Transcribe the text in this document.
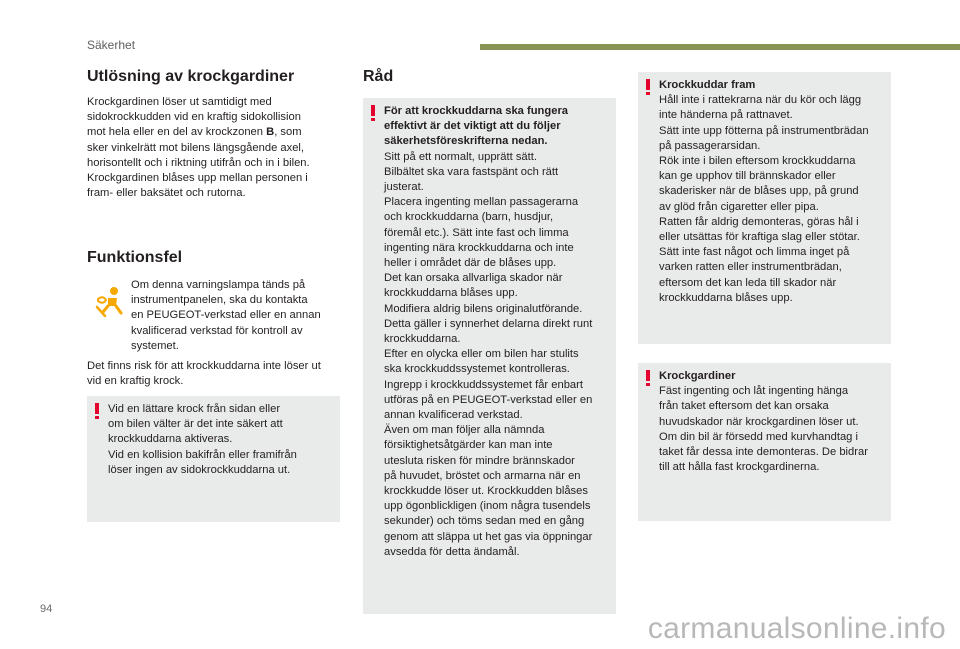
Säkerhet
Utlösning av krockgardiner

Krockgardinen löser ut samtidigt med

sidokrockkudden vid en kraftig sidokollision

mot hela eller en del av krockzonen B, som

sker vinkelrätt mot bilens längsgående axel,

horisontellt och i riktning utifrån och in i bilen.

Krockgardinen blåses upp mellan personen i

fram- eller baksätet och rutorna.

Funktionsfel

Om denna varningslampa tänds på

instrumentpanelen, ska du kontakta

en PEUGEOT-verkstad eller en annan

kvalificerad verkstad för kontroll av

systemet.

Det finns risk för att krockkuddarna inte löser ut

vid en kraftig krock.

Vid en lättare krock från sidan eller

om bilen välter är det inte säkert att

krockkuddarna aktiveras.

Vid en kollision bakifrån eller framifrån

löser ingen av sidokrockkuddarna ut.

Råd

För att krockkuddarna ska fungera

effektivt är det viktigt att du följer

säkerhetsföreskrifterna nedan.

Sitt på ett normalt, upprätt sätt.

Bilbältet ska vara fastspänt och rätt

justerat.

Placera ingenting mellan passagerarna

och krockkuddarna (barn, husdjur,

föremål etc.). Sätt inte fast och limma

ingenting nära krockkuddarna och inte

heller i området där de blåses upp.

Det kan orsaka allvarliga skador när

krockkuddarna blåses upp.

Modifiera aldrig bilens originalutförande.

Detta gäller i synnerhet delarna direkt runt

krockkuddarna.

Efter en olycka eller om bilen har stulits

ska krockkuddssystemet kontrolleras.

Ingrepp i krockkuddssystemet får enbart

utföras på en PEUGEOT-verkstad eller en

annan kvalificerad verkstad.

Även om man följer alla nämnda

försiktighetsåtgärder kan man inte

utesluta risken för mindre brännskador

på huvudet, bröstet och armarna när en

krockkudde löser ut. Krockkudden blåses

upp ögonblickligen (inom några tusendels

sekunder) och töms sedan med en gång

genom att släppa ut het gas via öppningar

avsedda för detta ändamål.

Krockkuddar fram

Håll inte i rattekrarna när du kör och lägg

inte händerna på rattnavet.

Sätt inte upp fötterna på instrumentbrädan

på passagerarsidan.

Rök inte i bilen eftersom krockkuddarna

kan ge upphov till brännskador eller

skaderisker när de blåses upp, på grund

av glöd från cigaretter eller pipa.

Ratten får aldrig demonteras, göras hål i

eller utsättas för kraftiga slag eller stötar.

Sätt inte fast något och limma inget på

varken ratten eller instrumentbrädan,

eftersom det kan leda till skador när

krockkuddarna blåses upp.

Krockgardiner

Fäst ingenting och låt ingenting hänga

från taket eftersom det kan orsaka

huvudskador när krockgardinen löser ut.

Om din bil är försedd med kurvhandtag i

taket får dessa inte demonteras. De bidrar

till att hålla fast krockgardinerna.

94
carmanualsonline.info
